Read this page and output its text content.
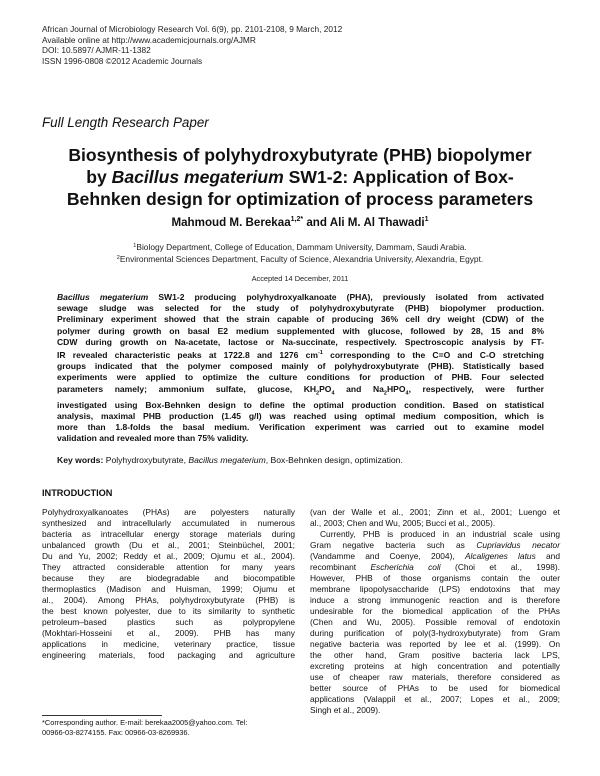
African Journal of Microbiology Research Vol. 6(9), pp. 2101-2108, 9 March, 2012
Available online at http://www.academicjournals.org/AJMR
DOI: 10.5897/ AJMR-11-1382
ISSN 1996-0808 ©2012 Academic Journals
Full Length Research Paper
Biosynthesis of polyhydroxybutyrate (PHB) biopolymer
by Bacillus megaterium SW1-2: Application of Box-
Behnken design for optimization of process parameters
Mahmoud M. Berekaa$^{1,2*}$ and Ali M. Al Thawadi$^1$
$^1$Biology Department, College of Education, Dammam University, Dammam, Saudi Arabia.
$^2$Environmental Sciences Department, Faculty of Science, Alexandria University, Alexandria, Egypt.
Accepted 14 December, 2011
Bacillus megaterium SW1-2 producing polyhydroxyalkanoate (PHA), previously isolated from activated
sewage sludge was selected for the study of polyhydroxybutyrate (PHB) biopolymer production.
Preliminary experiment showed that the strain capable of producing 36% cell dry weight (CDW) of the
polymer during growth on basal E2 medium supplemented with glucose, followed by 28, 15 and 8%
CDW during growth on Na-acetate, lactose or Na-succinate, respectively. Spectroscopic analysis by FT-
IR revealed characteristic peaks at 1722.8 and 1276 $cm^{-1}$ corresponding to the C=O and C-O stretching
groups indicated that the polymer composed mainly of polyhydroxybutyrate (PHB). Statistically based
experiments were applied to optimize the culture conditions for production of PHB. Four selected
parameters namely; ammonium sulfate, glucose, $KH_2PO_4$ and $Na_2HPO_4$, respectively, were further
investigated using Box-Behnken design to define the optimal production condition. Based on statistical
analysis, maximal PHB production (1.45 g/l) was reached using optimal medium composition, which is
more than 1.8-folds the basal medium. Verification experiment was carried out to examine model
validation and revealed more than 75% validity.
Key words: Polyhydroxybutyrate, Bacillus megaterium, Box-Behnken design, optimization.
INTRODUCTION
Polyhydroxyalkanoates (PHAs) are polyesters naturally
synthesized and intracellularly accumulated in numerous
bacteria as intracellular energy storage materials during
unbalanced growth (Du et al., 2001; Steinbüchel, 2001;
Du and Yu, 2002; Reddy et al., 2009; Ojumu et al., 2004).
They attracted considerable attention for many years
because they are biodegradable and biocompatible
thermoplastics (Madison and Huisman, 1999; Ojumu et
al., 2004). Among PHAs, polyhydroxybutyrate (PHB) is
the best known polyester, due to its similarity to synthetic
petroleum–based plastics such as polypropylene
(Mokhtari-Hosseini et al., 2009). PHB has many
applications in medicine, veterinary practice, tissue
engineering materials, food packaging and agriculture
(van der Walle et al., 2001; Zinn et al., 2001; Luengo et
al., 2003; Chen and Wu, 2005; Bucci et al., 2005).
Currently, PHB is produced in an industrial scale using
Gram negative bacteria such as Cupriavidus necator
(Vandamme and Coenye, 2004), Alcaligenes latus and
recombinant Escherichia coli (Choi et al., 1998).
However, PHB of those organisms contain the outer
membrane lipopolysaccharide (LPS) endotoxins that may
induce a strong immunogenic reaction and is therefore
undesirable for the biomedical application of the PHAs
(Chen and Wu, 2005). Possible removal of endotoxin
during purification of poly(3-hydroxybutyrate) from Gram
negative bacteria was reported by lee et al. (1999). On
the other hand, Gram positive bacteria lack LPS,
excreting proteins at high concentration and potentially
use of cheaper raw materials, therefore considered as
better source of PHAs to be used for biomedical
applications (Valappil et al., 2007; Lopes et al., 2009;
Singh et al., 2009).
*Corresponding author. E-mail: berekaa2005@yahoo.com. Tel:
00966-03-8274155. Fax: 00966-03-8269936.
